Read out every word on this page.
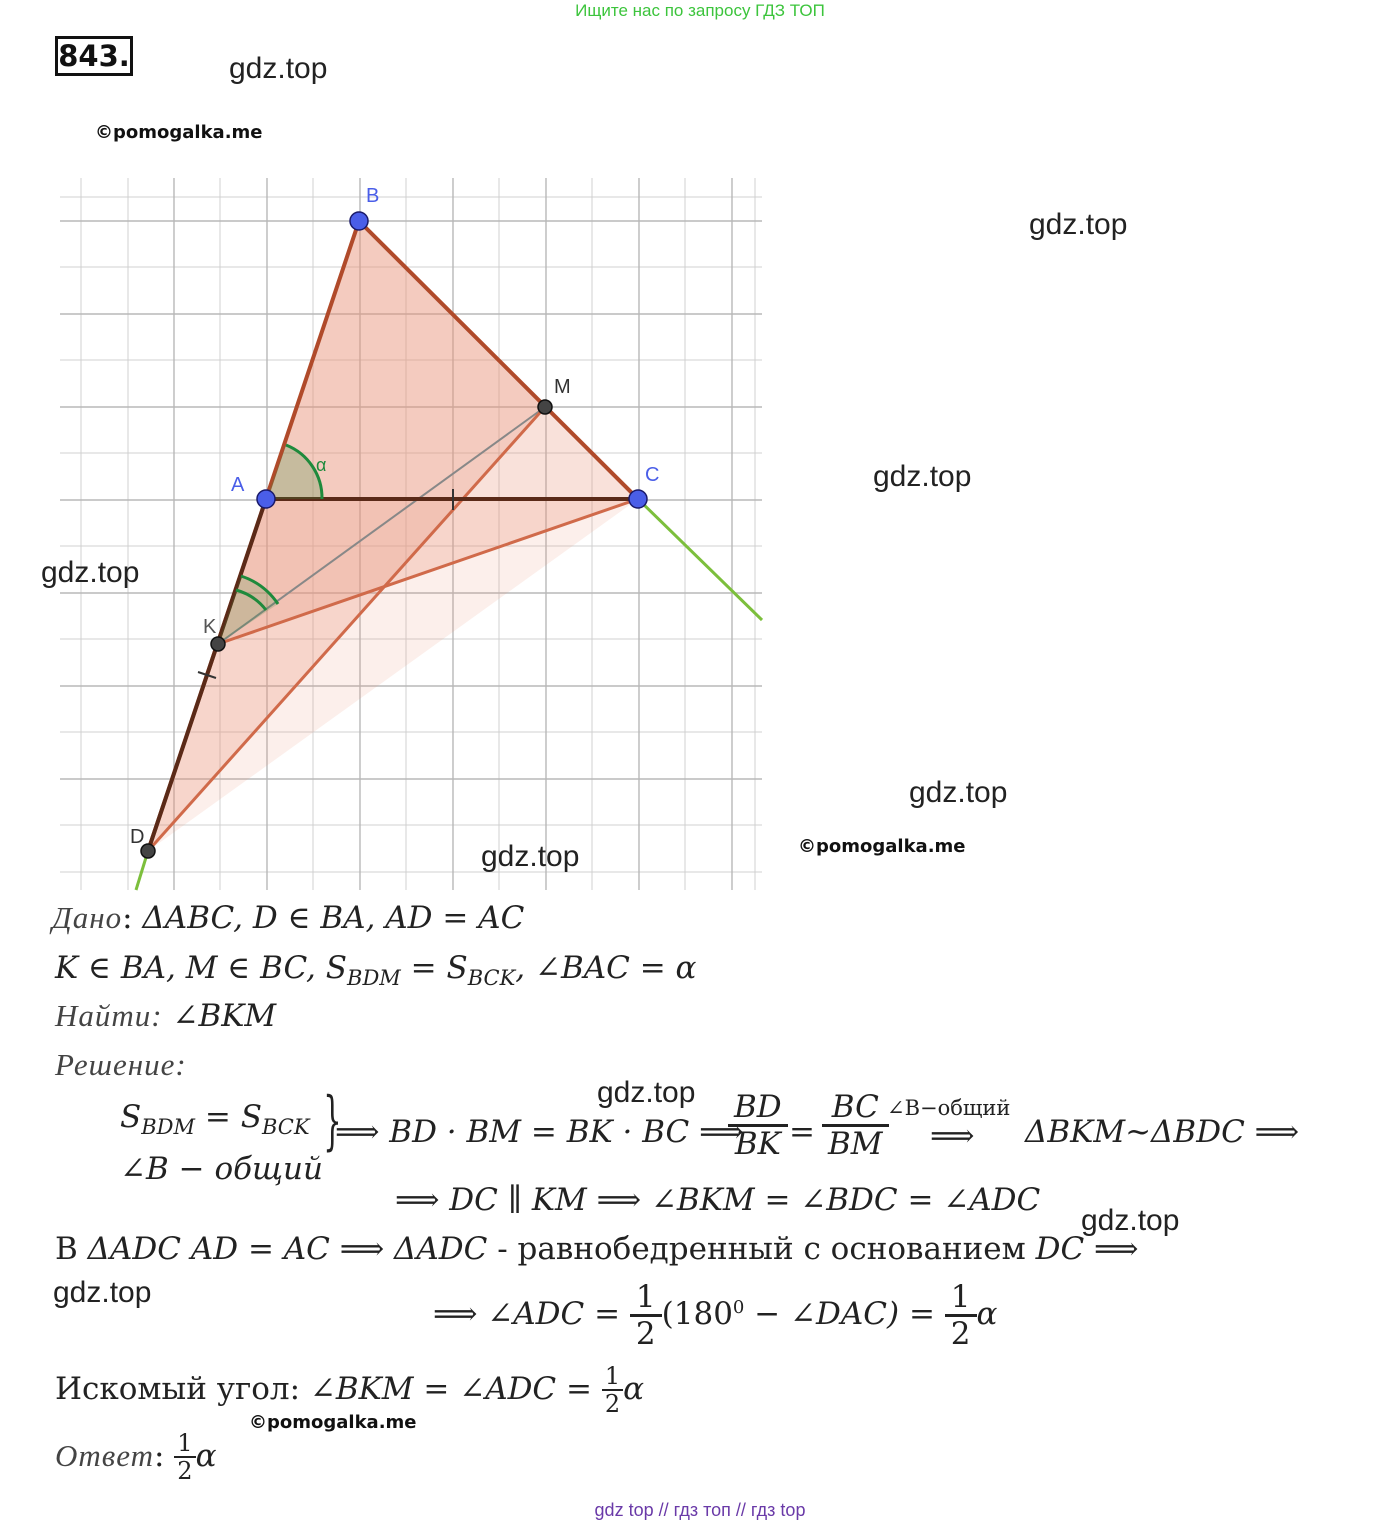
Ищите нас по запросу ГДЗ ТОП
843.	gdz.top
©pomogalka.me
B
A	C
M
K
D
α
gdz.top
gdz.top
gdz.top
gdz.top
©pomogalka.me
gdz.top
Дано: ΔABC, D ∈ BA, AD = AC
K ∈ BA, M ∈ BC, $S_{BDM} = S_{BCK}$, ∠BAC = α
Найти: ∠BKM
Решение:
$S_{BDM} = S_{BCK}$
∠B − общий
}
⟹ BD · BM = BK · BC ⟹
$\frac{BD}{BK} = \frac{BC}{BM}$
∠B−общий
⟹ ΔBKM~ΔBDC ⟹
gdz.top
⟹ DC ∥ KM ⟹ ∠BKM = ∠BDC = ∠ADC
gdz.top
В ΔADC AD = AC ⟹ ΔADC - равнобедренный с основанием DC ⟹
gdz.top
⟹ ∠ADC = $\frac{1}{2} (180^0$ − ∠DAC) = $\frac{1}{2}$ α
Искомый угол: ∠BKM = ∠ADC = $\frac{1}{2}$ α
©pomogalka.me
Ответ: $\frac{1}{2}$ α
gdz top // гдз топ // гдз top
